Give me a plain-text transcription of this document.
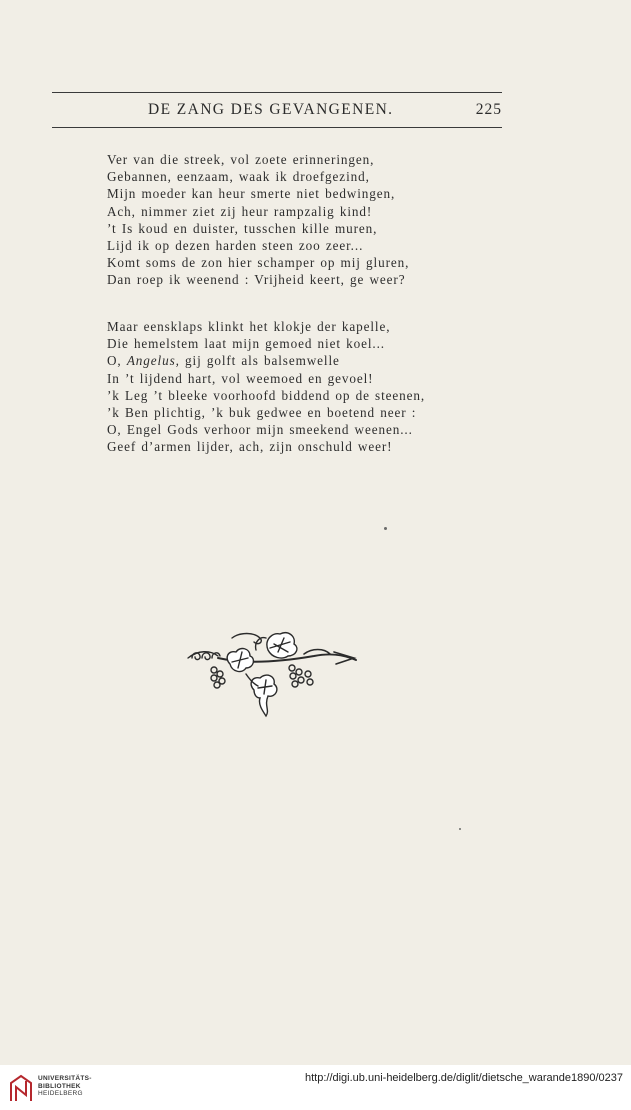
DE ZANG DES GEVANGENEN.	225
Ver van die streek, vol zoete erinneringen,
Gebannen, eenzaam, waak ik droefgezind,
Mijn moeder kan heur smerte niet bedwingen,
Ach, nimmer ziet zij heur rampzalig kind!
’t Is koud en duister, tusschen kille muren,
Lijd ik op dezen harden steen zoo zeer...
Komt soms de zon hier schamper op mij gluren,
Dan roep ik weenend : Vrijheid keert, ge weer?
Maar eensklaps klinkt het klokje der kapelle,
Die hemelstem laat mijn gemoed niet koel...
O, Angelus, gij golft als balsemwelle
In ’t lijdend hart, vol weemoed en gevoel!
’k Leg ’t bleeke voorhoofd biddend op de steenen,
’k Ben plichtig, ’k buk gedwee en boetend neer :
O, Engel Gods verhoor mijn smeekend weenen...
Geef d’armen lijder, ach, zijn onschuld weer!
UNIVERSITÄTS-
BIBLIOTHEK
HEIDELBERG
http://digi.ub.uni-heidelberg.de/diglit/dietsche_warande1890/0237
